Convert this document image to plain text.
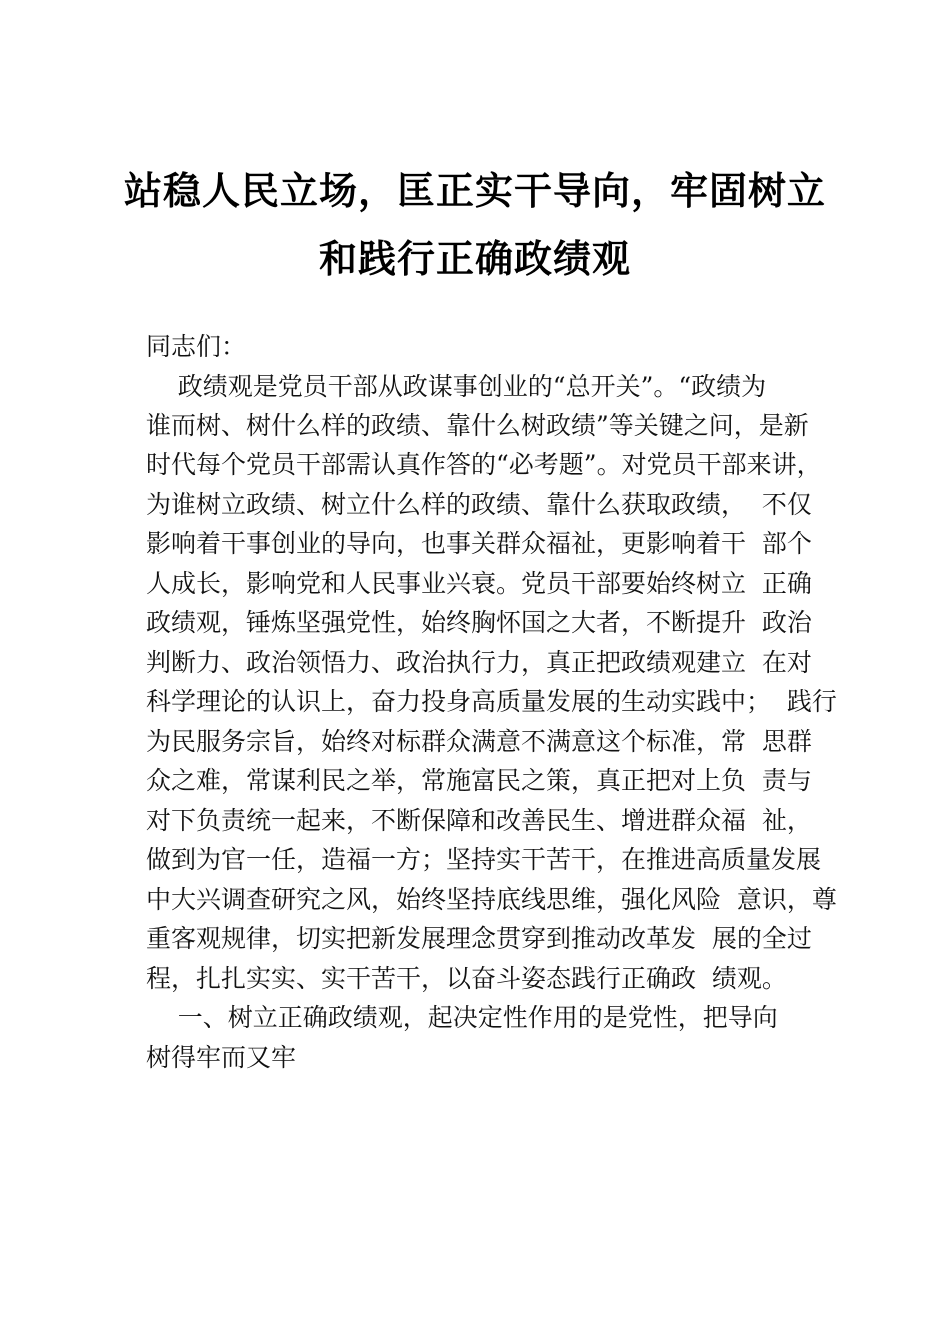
站稳人民立场，匡正实干导向，牢固树立
和践行正确政绩观
同志们：
政绩观是党员干部从政谋事创业的“总开关”。“政绩为
谁而树、树什么样的政绩、靠什么树政绩”等关键之问，是新
时代每个党员干部需认真作答的“必考题”。对党员干部来讲，
为谁树立政绩、树立什么样的政绩、靠什么获取政绩，  不仅
影响着干事创业的导向，也事关群众福祉，更影响着干  部个
人成长，影响党和人民事业兴衰。党员干部要始终树立  正确
政绩观，锤炼坚强党性，始终胸怀国之大者，不断提升  政治
判断力、政治领悟力、政治执行力，真正把政绩观建立  在对
科学理论的认识上，奋力投身高质量发展的生动实践中；  践行
为民服务宗旨，始终对标群众满意不满意这个标准，常  思群
众之难，常谋利民之举，常施富民之策，真正把对上负  责与
对下负责统一起来，不断保障和改善民生、增进群众福  祉，
做到为官一任，造福一方；坚持实干苦干，在推进高质量发展
中大兴调查研究之风，始终坚持底线思维，强化风险  意识，尊
重客观规律，切实把新发展理念贯穿到推动改革发  展的全过
程，扎扎实实、实干苦干，以奋斗姿态践行正确政  绩观。
一、树立正确政绩观，起决定性作用的是党性，把导向
树得牢而又牢
